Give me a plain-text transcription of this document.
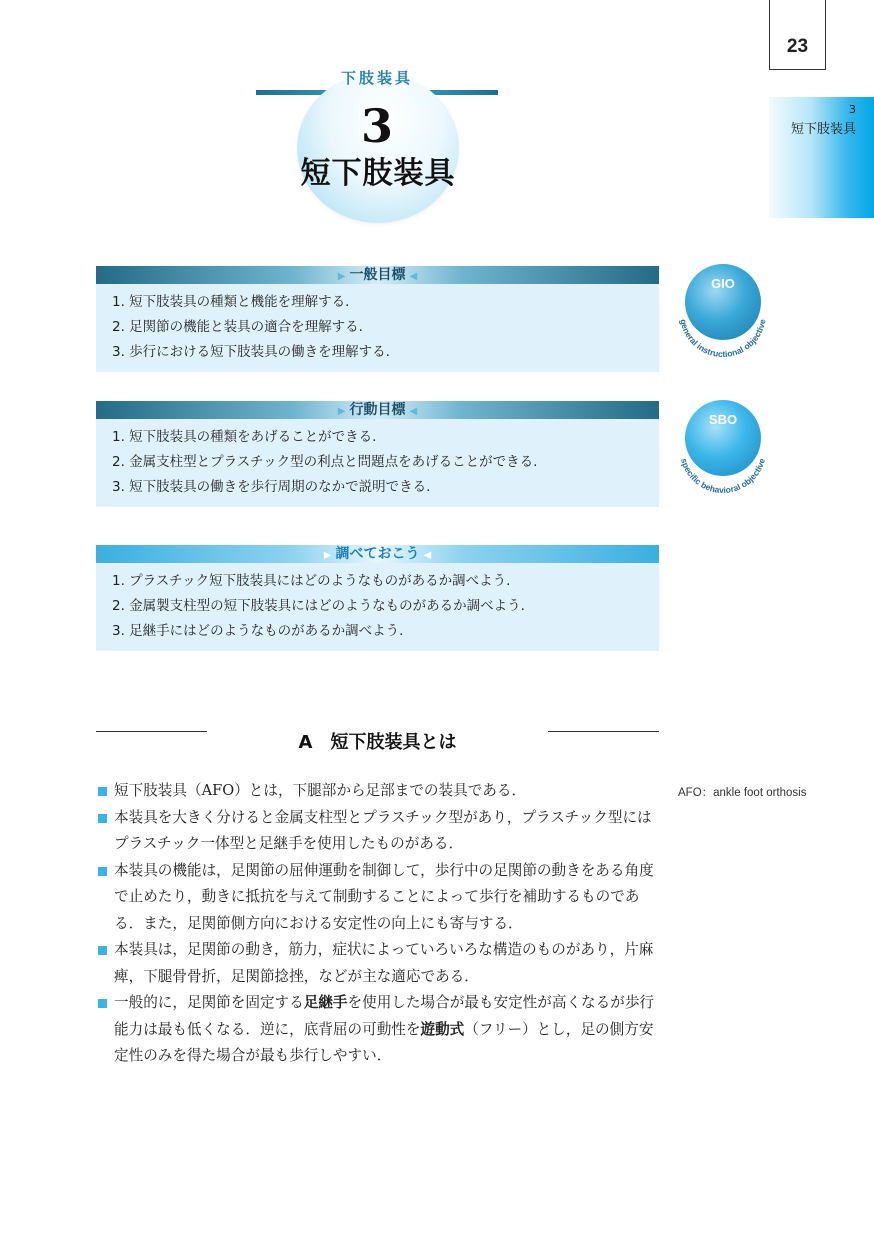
23
3
短下肢装具
下肢装具
3
短下肢装具
▶ 一般目標 ◀
1. 短下肢装具の種類と機能を理解する.
2. 足関節の機能と装具の適合を理解する.
3. 歩行における短下肢装具の働きを理解する.
▶ 行動目標 ◀
1. 短下肢装具の種類をあげることができる.
2. 金属支柱型とプラスチック型の利点と問題点をあげることができる.
3. 短下肢装具の働きを歩行周期のなかで説明できる.
▶ 調べておこう ◀
1. プラスチック短下肢装具にはどのようなものがあるか調べよう.
2. 金属製支柱型の短下肢装具にはどのようなものがあるか調べよう.
3. 足継手にはどのようなものがあるか調べよう.
GIO
general instructional objective
SBO
specific behavioral objective
A　短下肢装具とは

短下肢装具（AFO）とは，下腿部から足部までの装具である．

本装具を大きく分けると金属支柱型とプラスチック型があり，プラスチック型にはプラスチック一体型と足継手を使用したものがある．

本装具の機能は，足関節の屈伸運動を制御して，歩行中の足関節の動きをある角度で止めたり，動きに抵抗を与えて制動することによって歩行を補助するものである．また，足関節側方向における安定性の向上にも寄与する．

本装具は，足関節の動き，筋力，症状によっていろいろな構造のものがあり，片麻痺，下腿骨骨折，足関節捻挫，などが主な適応である．

一般的に，足関節を固定する足継手を使用した場合が最も安定性が高くなるが歩行能力は最も低くなる．逆に，底背屈の可動性を遊動式（フリー）とし，足の側方安定性のみを得た場合が最も歩行しやすい．

AFO：ankle foot orthosis
